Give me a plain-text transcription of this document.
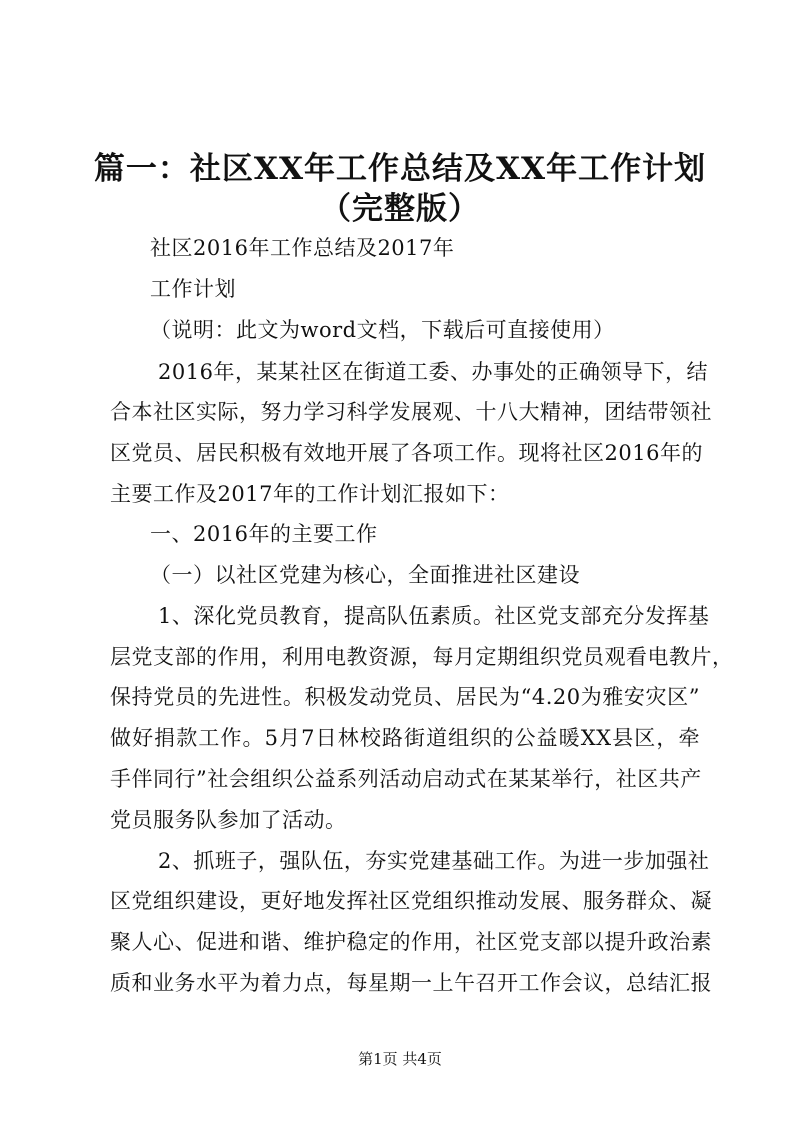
篇一：社区XX年工作总结及XX年工作计划
（完整版）
社区2016年工作总结及2017年
工作计划
（说明：此文为word文档，下载后可直接使用）
2016年，某某社区在街道工委、办事处的正确领导下，结
合本社区实际，努力学习科学发展观、十八大精神，团结带领社
区党员、居民积极有效地开展了各项工作。现将社区2016年的
主要工作及2017年的工作计划汇报如下：
一、2016年的主要工作
（一）以社区党建为核心，全面推进社区建设
1、深化党员教育，提高队伍素质。社区党支部充分发挥基
层党支部的作用，利用电教资源，每月定期组织党员观看电教片，
保持党员的先进性。积极发动党员、居民为“4.20为雅安灾区”
做好捐款工作。5月7日林校路街道组织的公益暖XX县区，牵
手伴同行”社会组织公益系列活动启动式在某某举行，社区共产
党员服务队参加了活动。
2、抓班子，强队伍，夯实党建基础工作。为进一步加强社
区党组织建设，更好地发挥社区党组织推动发展、服务群众、凝
聚人心、促进和谐、维护稳定的作用，社区党支部以提升政治素
质和业务水平为着力点，每星期一上午召开工作会议，总结汇报
第1页 共4页
